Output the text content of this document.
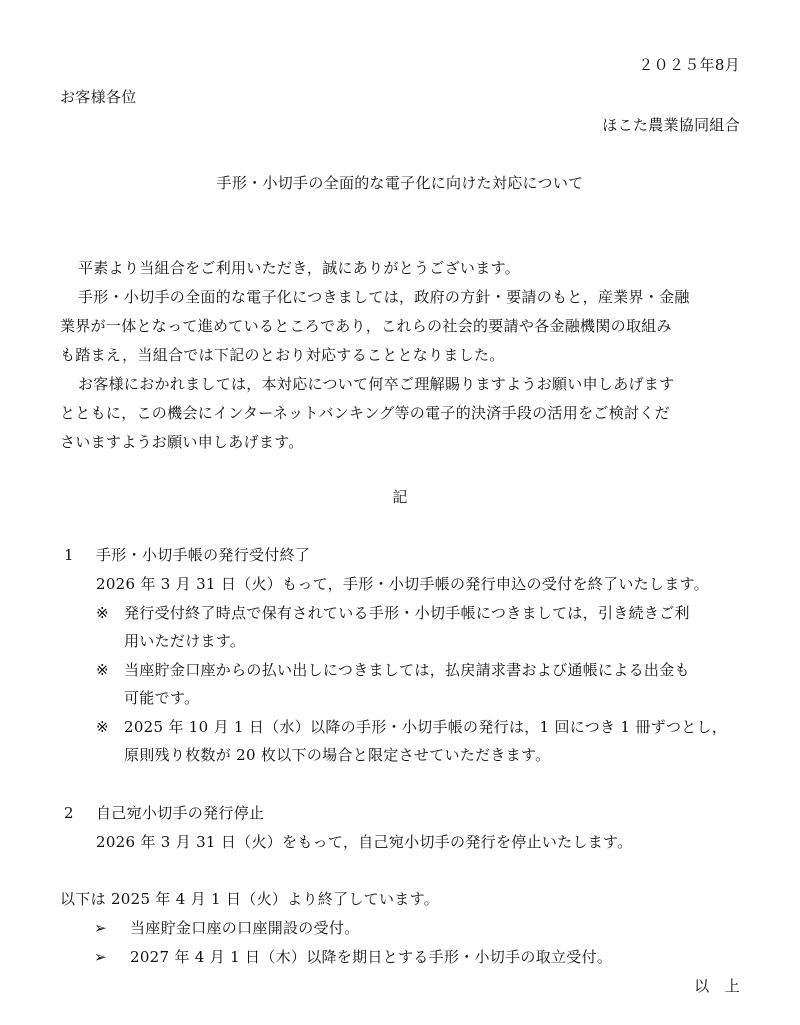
２０２５年8月
お客様各位
ほこた農業協同組合
手形・小切手の全面的な電子化に向けた対応について
平素より当組合をご利用いただき，誠にありがとうございます。
手形・小切手の全面的な電子化につきましては，政府の方針・要請のもと，産業界・金融
業界が一体となって進めているところであり，これらの社会的要請や各金融機関の取組み
も踏まえ，当組合では下記のとおり対応することとなりました。
お客様におかれましては，本対応について何卒ご理解賜りますようお願い申しあげます
とともに，この機会にインターネットバンキング等の電子的決済手段の活用をご検討くだ
さいますようお願い申しあげます。
記
1 手形・小切手帳の発行受付終了
2026 年 3 月 31 日（火）もって，手形・小切手帳の発行申込の受付を終了いたします。
※ 発行受付終了時点で保有されている手形・小切手帳につきましては，引き続きご利
用いただけます。
※ 当座貯金口座からの払い出しにつきましては，払戻請求書および通帳による出金も
可能です。
※ 2025 年 10 月 1 日（水）以降の手形・小切手帳の発行は，1 回につき 1 冊ずつとし，
原則残り枚数が 20 枚以下の場合と限定させていただきます。
2 自己宛小切手の発行停止
2026 年 3 月 31 日（火）をもって，自己宛小切手の発行を停止いたします。
以下は 2025 年 4 月 1 日（火）より終了しています。
➢ 当座貯金口座の口座開設の受付。
➢ 2027 年 4 月 1 日（木）以降を期日とする手形・小切手の取立受付。
以　上
